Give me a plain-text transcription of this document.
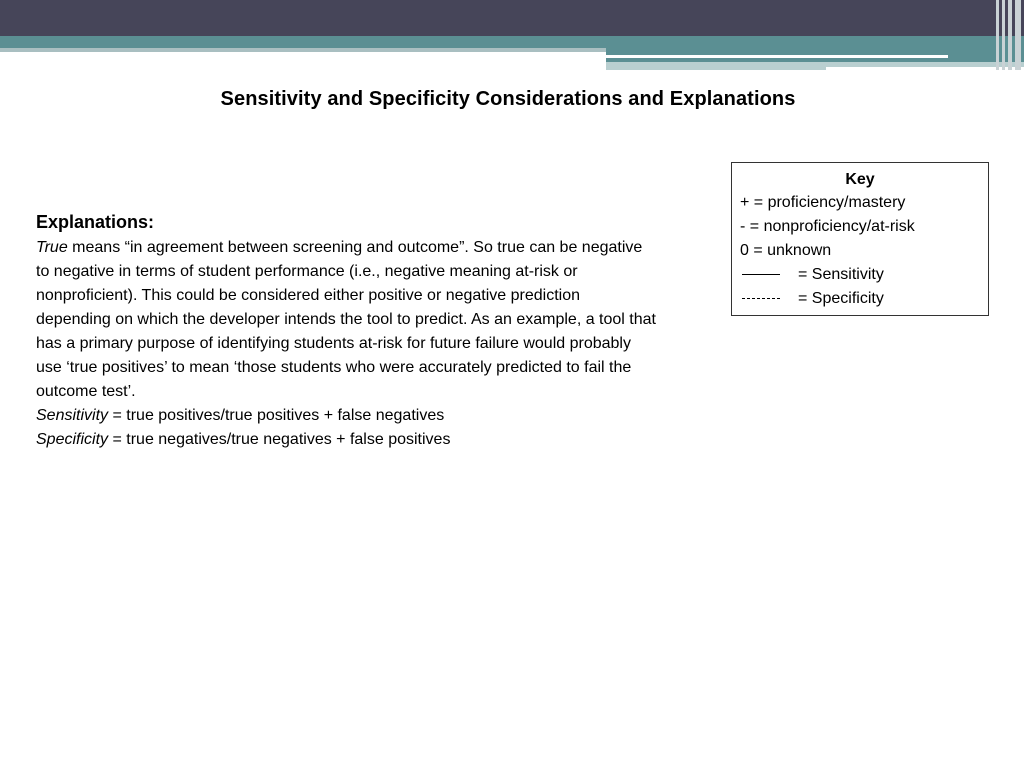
Sensitivity and Specificity Considerations and Explanations
Explanations:

True means “in agreement between screening and outcome”. So true can be negative to negative in terms of student performance (i.e., negative meaning at-risk or nonproficient). This could be considered either positive or negative prediction depending on which the developer intends the tool to predict. As an example, a tool that has a primary purpose of identifying students at-risk for future failure would probably use ‘true positives’ to mean ‘those students who were accurately predicted to fail the outcome test’.

Sensitivity = true positives/true positives + false negatives

Specificity = true negatives/true negatives + false positives

Key
+ = proficiency/mastery
- = nonproficiency/at-risk
0 = unknown
= Sensitivity
= Specificity
